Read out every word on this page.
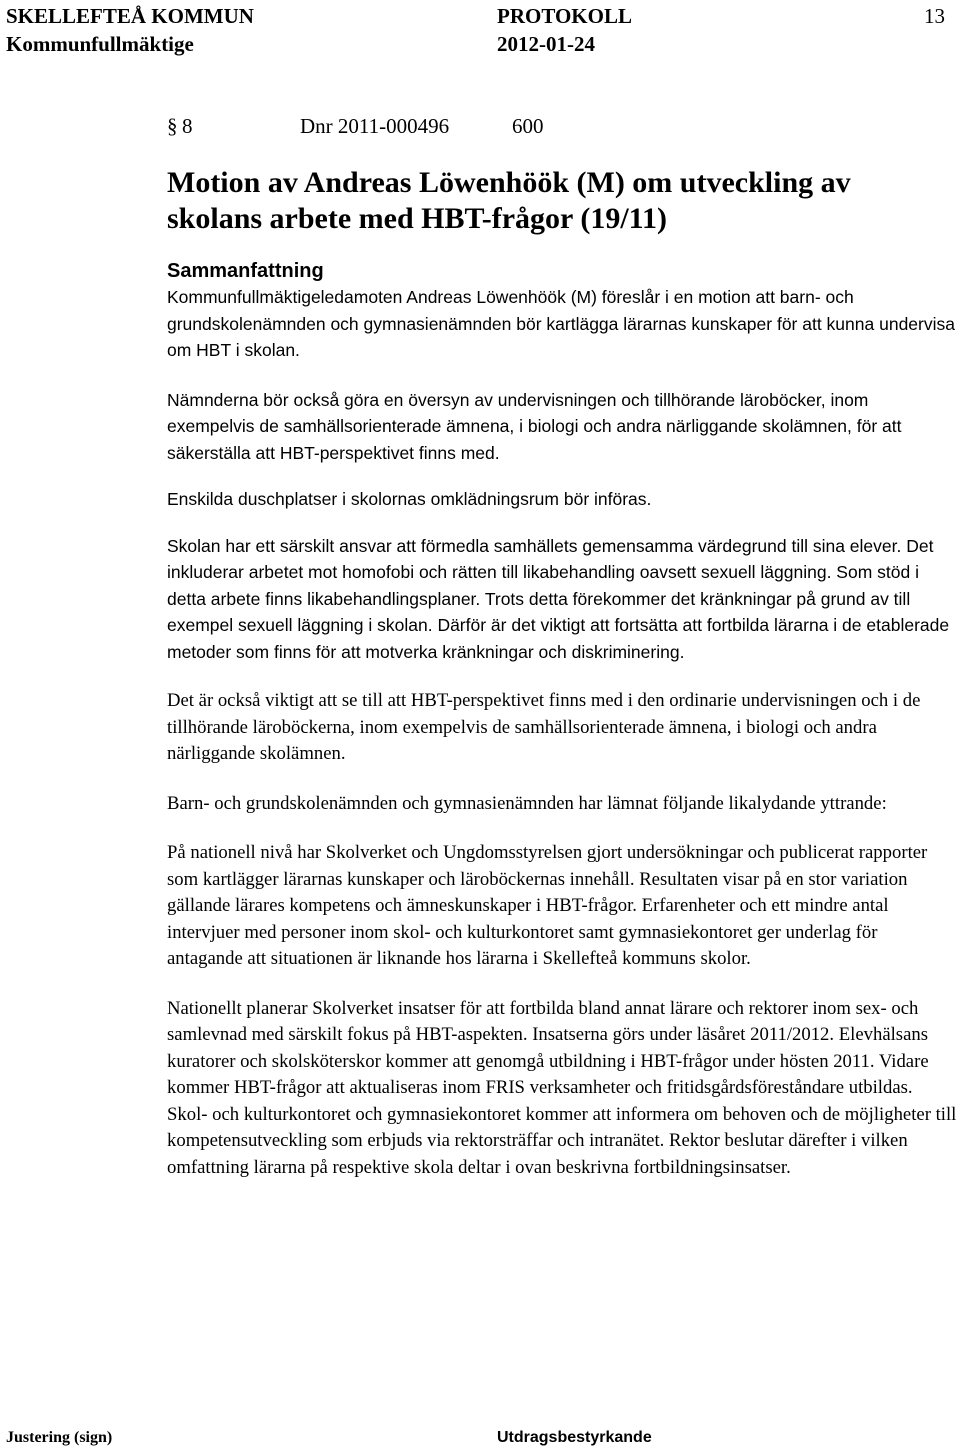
SKELLEFTEÅ KOMMUN	PROTOKOLL	13
Kommunfullmäktige	2012-01-24
§ 8	Dnr 2011-000496	600
Motion av Andreas Löwenhöök (M) om utveckling av skolans arbete med HBT-frågor (19/11)
Sammanfattning

Kommunfullmäktigeledamoten Andreas Löwenhöök (M) föreslår i en motion att barn- och grundskolenämnden och gymnasienämnden bör kartlägga lärarnas kunskaper för att kunna undervisa om HBT i skolan.

Nämnderna bör också göra en översyn av undervisningen och tillhörande läroböcker, inom exempelvis de samhällsorienterade ämnena, i biologi och andra närliggande skolämnen, för att säkerställa att HBT-perspektivet finns med.

Enskilda duschplatser i skolornas omklädningsrum bör införas.

Skolan har ett särskilt ansvar att förmedla samhällets gemensamma värdegrund till sina elever. Det inkluderar arbetet mot homofobi och rätten till likabehandling oavsett sexuell läggning. Som stöd i detta arbete finns likabehandlingsplaner. Trots detta förekommer det kränkningar på grund av till exempel sexuell läggning i skolan. Därför är det viktigt att fortsätta att fortbilda lärarna i de etablerade metoder som finns för att motverka kränkningar och diskriminering.

Det är också viktigt att se till att HBT-perspektivet finns med i den ordinarie undervisningen och i de tillhörande läroböckerna, inom exempelvis de samhällsorienterade ämnena, i biologi och andra närliggande skolämnen.

Barn- och grundskolenämnden och gymnasienämnden har lämnat följande likalydande yttrande:

På nationell nivå har Skolverket och Ungdomsstyrelsen gjort undersökningar och publicerat rapporter som kartlägger lärarnas kunskaper och läroböckernas innehåll. Resultaten visar på en stor variation gällande lärares kompetens och ämneskunskaper i HBT-frågor. Erfarenheter och ett mindre antal intervjuer med personer inom skol- och kulturkontoret samt gymnasiekontoret ger underlag för antagande att situationen är liknande hos lärarna i Skellefteå kommuns skolor.

Nationellt planerar Skolverket insatser för att fortbilda bland annat lärare och rektorer inom sex- och samlevnad med särskilt fokus på HBT-aspekten. Insatserna görs under läsåret 2011/2012. Elevhälsans kuratorer och skolsköterskor kommer att genomgå utbildning i HBT-frågor under hösten 2011. Vidare kommer HBT-frågor att aktualiseras inom FRIS verksamheter och fritidsgårdsföreståndare utbildas. Skol- och kulturkontoret och gymnasiekontoret kommer att informera om behoven och de möjligheter till kompetensutveckling som erbjuds via rektorsträffar och intranätet. Rektor beslutar därefter i vilken omfattning lärarna på respektive skola deltar i ovan beskrivna fortbildningsinsatser.

Justering (sign)	Utdragsbestyrkande
